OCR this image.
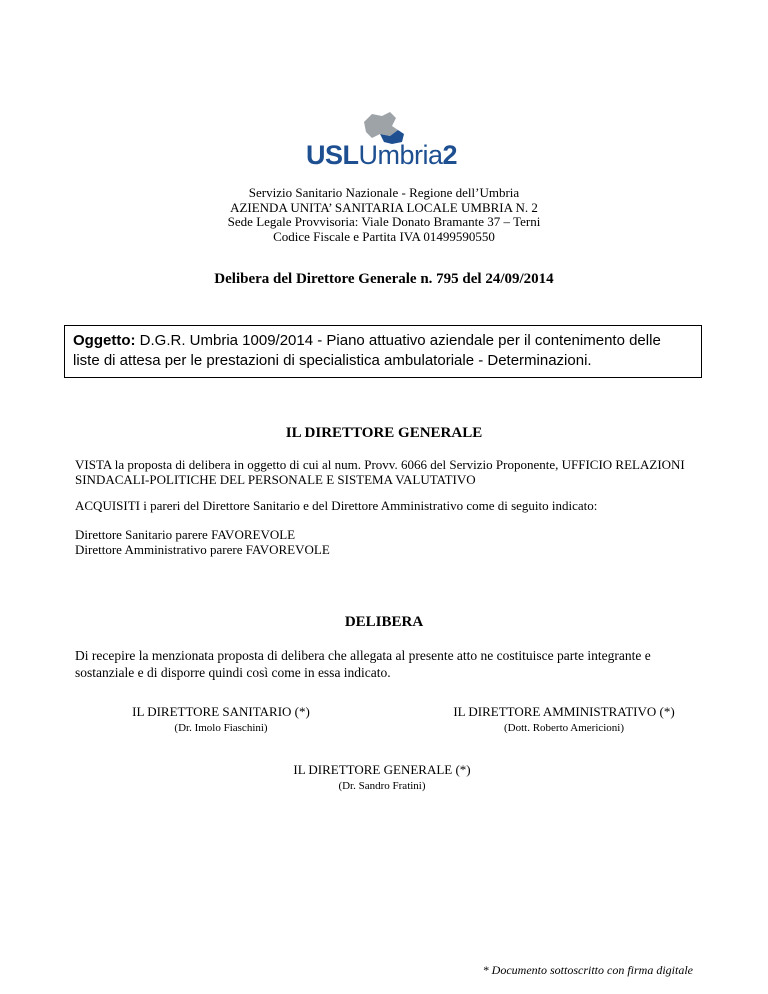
USLUmbria2
Servizio Sanitario Nazionale - Regione dell’Umbria
AZIENDA UNITA’ SANITARIA LOCALE UMBRIA N. 2
Sede Legale Provvisoria: Viale Donato Bramante 37 – Terni
Codice Fiscale e Partita IVA 01499590550
Delibera del Direttore Generale n. 795 del 24/09/2014
Oggetto: D.G.R. Umbria 1009/2014 - Piano attuativo aziendale per il contenimento delle
liste di attesa per le prestazioni di specialistica ambulatoriale - Determinazioni.
IL DIRETTORE GENERALE
VISTA la proposta di delibera in oggetto di cui al num. Provv. 6066 del Servizio Proponente, UFFICIO RELAZIONI
SINDACALI-POLITICHE DEL PERSONALE E SISTEMA VALUTATIVO
ACQUISITI i pareri del Direttore Sanitario e del Direttore Amministrativo come di seguito indicato:
Direttore Sanitario parere FAVOREVOLE
Direttore Amministrativo parere FAVOREVOLE
DELIBERA
Di recepire la menzionata proposta di delibera che allegata al presente atto ne costituisce parte integrante e
sostanziale e di disporre quindi così come in essa indicato.
IL DIRETTORE SANITARIO (*)
(Dr. Imolo Fiaschini)
IL DIRETTORE AMMINISTRATIVO (*)
(Dott. Roberto Americioni)
IL DIRETTORE GENERALE (*)
(Dr. Sandro Fratini)
* Documento sottoscritto con firma digitale
